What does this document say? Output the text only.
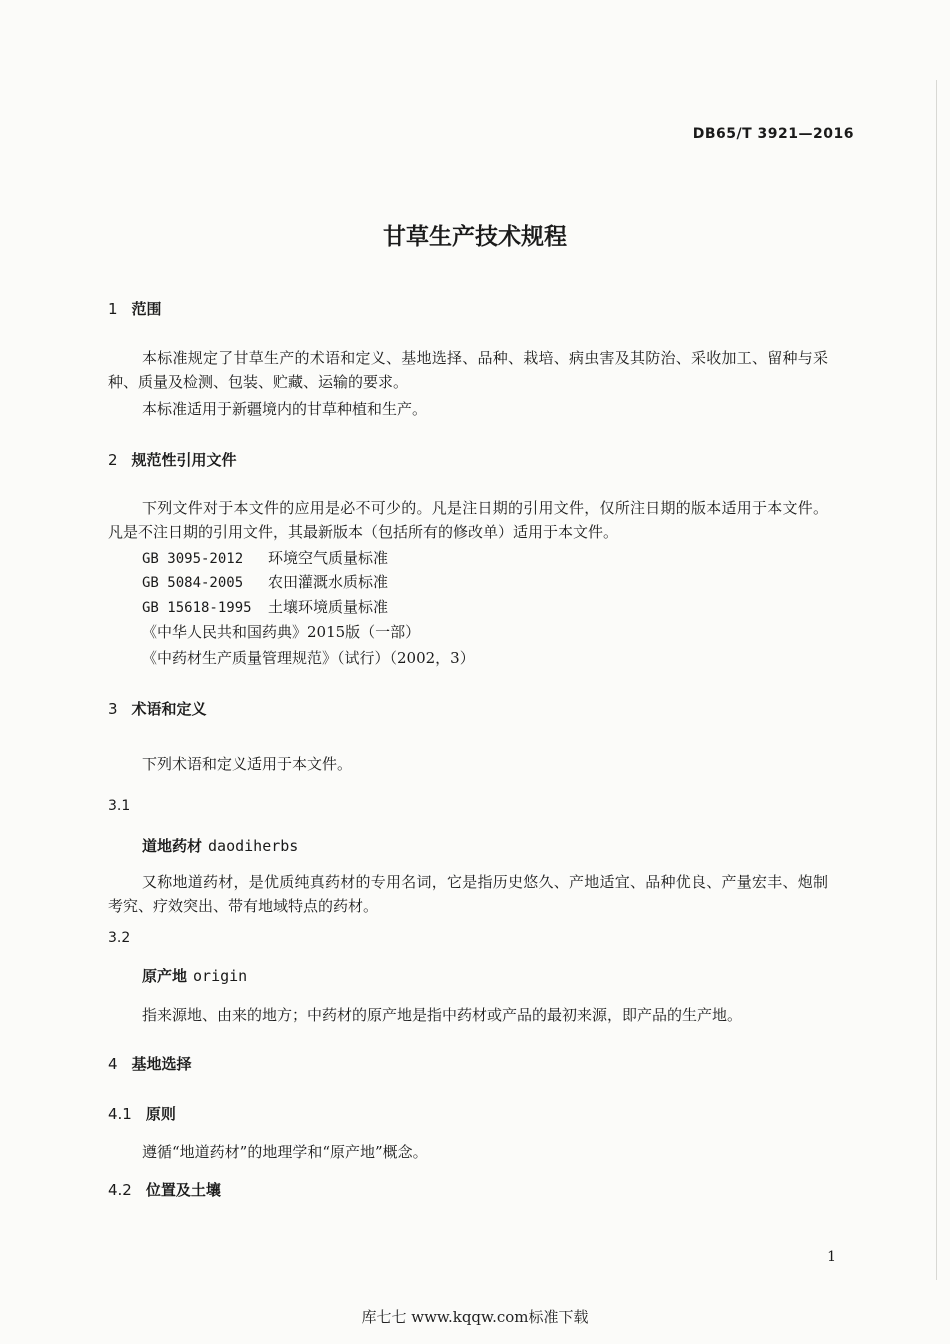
DB65/T 3921—2016
甘草生产技术规程
1 范围
本标准规定了甘草生产的术语和定义、基地选择、品种、栽培、病虫害及其防治、采收加工、留种与采种、质量及检测、包装、贮藏、运输的要求。
本标准适用于新疆境内的甘草种植和生产。
2 规范性引用文件
下列文件对于本文件的应用是必不可少的。凡是注日期的引用文件，仅所注日期的版本适用于本文件。凡是不注日期的引用文件，其最新版本（包括所有的修改单）适用于本文件。
GB 3095-2012 环境空气质量标准
GB 5084-2005 农田灌溉水质标准
GB 15618-1995 土壤环境质量标准
《中华人民共和国药典》2015版（一部）
《中药材生产质量管理规范》（试行）（2002，3）
3 术语和定义
下列术语和定义适用于本文件。
3.1
道地药材 daodiherbs
又称地道药材，是优质纯真药材的专用名词，它是指历史悠久、产地适宜、品种优良、产量宏丰、炮制考究、疗效突出、带有地域特点的药材。
3.2
原产地 origin
指来源地、由来的地方；中药材的原产地是指中药材或产品的最初来源，即产品的生产地。
4 基地选择
4.1 原则
遵循“地道药材”的地理学和“原产地”概念。
4.2 位置及土壤
1
库七七 www.kqqw.com标准下载
